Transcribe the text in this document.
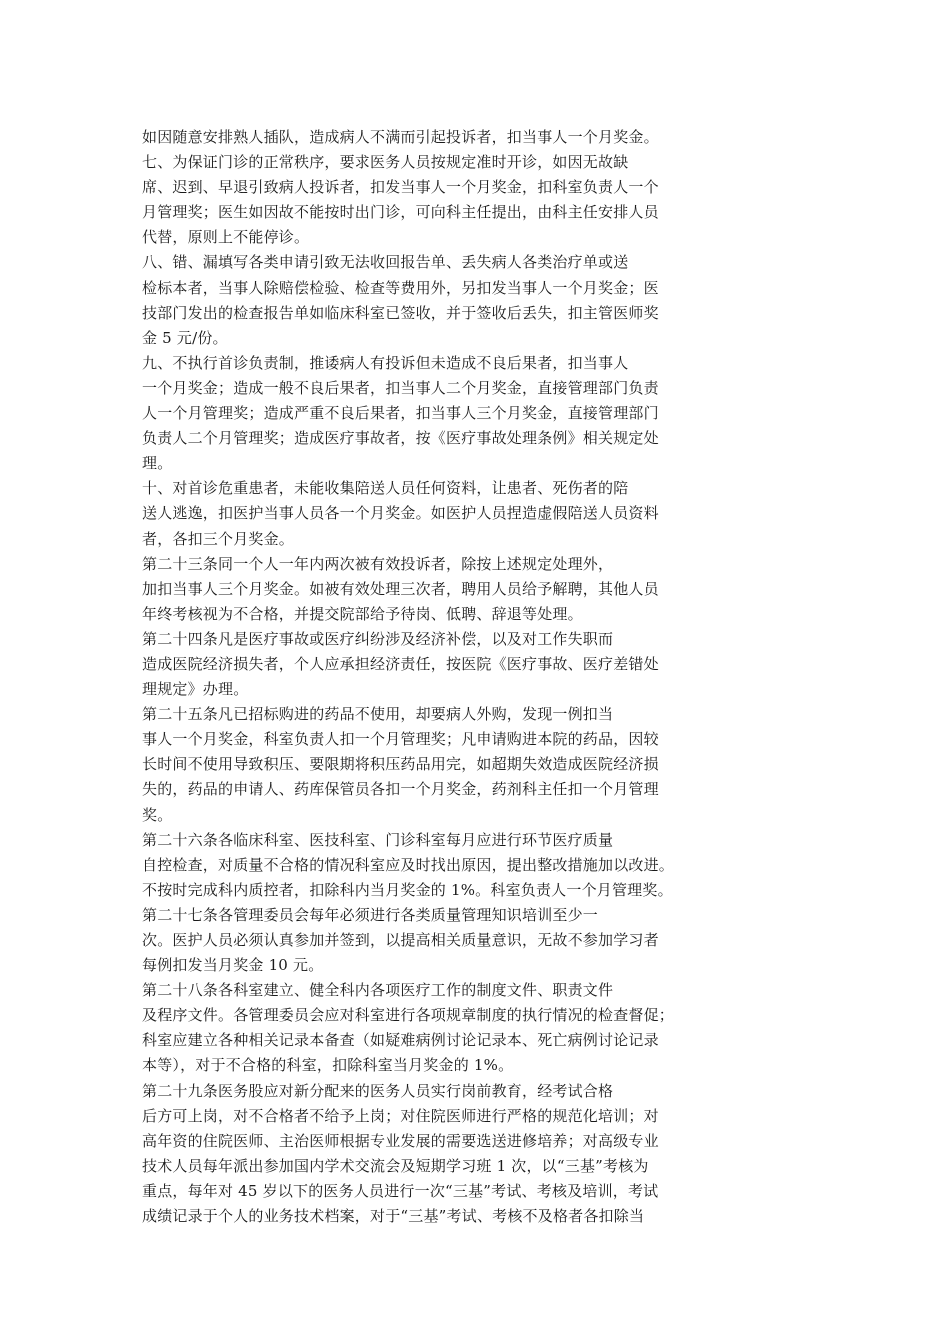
如因随意安排熟人插队，造成病人不满而引起投诉者，扣当事人一个月奖金。
七、为保证门诊的正常秩序，要求医务人员按规定准时开诊，如因无故缺
席、迟到、早退引致病人投诉者，扣发当事人一个月奖金，扣科室负责人一个
月管理奖；医生如因故不能按时出门诊，可向科主任提出，由科主任安排人员
代替，原则上不能停诊。
八、错、漏填写各类申请引致无法收回报告单、丢失病人各类治疗单或送
检标本者，当事人除赔偿检验、检查等费用外，另扣发当事人一个月奖金；医
技部门发出的检查报告单如临床科室已签收，并于签收后丢失，扣主管医师奖
金 5 元/份。
九、不执行首诊负责制，推诿病人有投诉但未造成不良后果者，扣当事人
一个月奖金；造成一般不良后果者，扣当事人二个月奖金，直接管理部门负责
人一个月管理奖；造成严重不良后果者，扣当事人三个月奖金，直接管理部门
负责人二个月管理奖；造成医疗事故者，按《医疗事故处理条例》相关规定处
理。
十、对首诊危重患者，未能收集陪送人员任何资料，让患者、死伤者的陪
送人逃逸，扣医护当事人员各一个月奖金。如医护人员捏造虚假陪送人员资料
者，各扣三个月奖金。
第二十三条同一个人一年内两次被有效投诉者，除按上述规定处理外，
加扣当事人三个月奖金。如被有效处理三次者，聘用人员给予解聘，其他人员
年终考核视为不合格，并提交院部给予待岗、低聘、辞退等处理。
第二十四条凡是医疗事故或医疗纠纷涉及经济补偿，以及对工作失职而
造成医院经济损失者，个人应承担经济责任，按医院《医疗事故、医疗差错处
理规定》办理。
第二十五条凡已招标购进的药品不使用，却要病人外购，发现一例扣当
事人一个月奖金，科室负责人扣一个月管理奖；凡申请购进本院的药品，因较
长时间不使用导致积压、要限期将积压药品用完，如超期失效造成医院经济损
失的，药品的申请人、药库保管员各扣一个月奖金，药剂科主任扣一个月管理
奖。
第二十六条各临床科室、医技科室、门诊科室每月应进行环节医疗质量
自控检查，对质量不合格的情况科室应及时找出原因，提出整改措施加以改进。
不按时完成科内质控者，扣除科内当月奖金的 1%。科室负责人一个月管理奖。
第二十七条各管理委员会每年必须进行各类质量管理知识培训至少一
次。医护人员必须认真参加并签到，以提高相关质量意识，无故不参加学习者
每例扣发当月奖金 10 元。
第二十八条各科室建立、健全科内各项医疗工作的制度文件、职责文件
及程序文件。各管理委员会应对科室进行各项规章制度的执行情况的检查督促；
科室应建立各种相关记录本备查（如疑难病例讨论记录本、死亡病例讨论记录
本等），对于不合格的科室，扣除科室当月奖金的 1%。
第二十九条医务股应对新分配来的医务人员实行岗前教育，经考试合格
后方可上岗，对不合格者不给予上岗；对住院医师进行严格的规范化培训；对
高年资的住院医师、主治医师根据专业发展的需要选送进修培养；对高级专业
技术人员每年派出参加国内学术交流会及短期学习班 1 次，以“三基”考核为
重点，每年对 45 岁以下的医务人员进行一次“三基”考试、考核及培训，考试
成绩记录于个人的业务技术档案，对于“三基”考试、考核不及格者各扣除当
